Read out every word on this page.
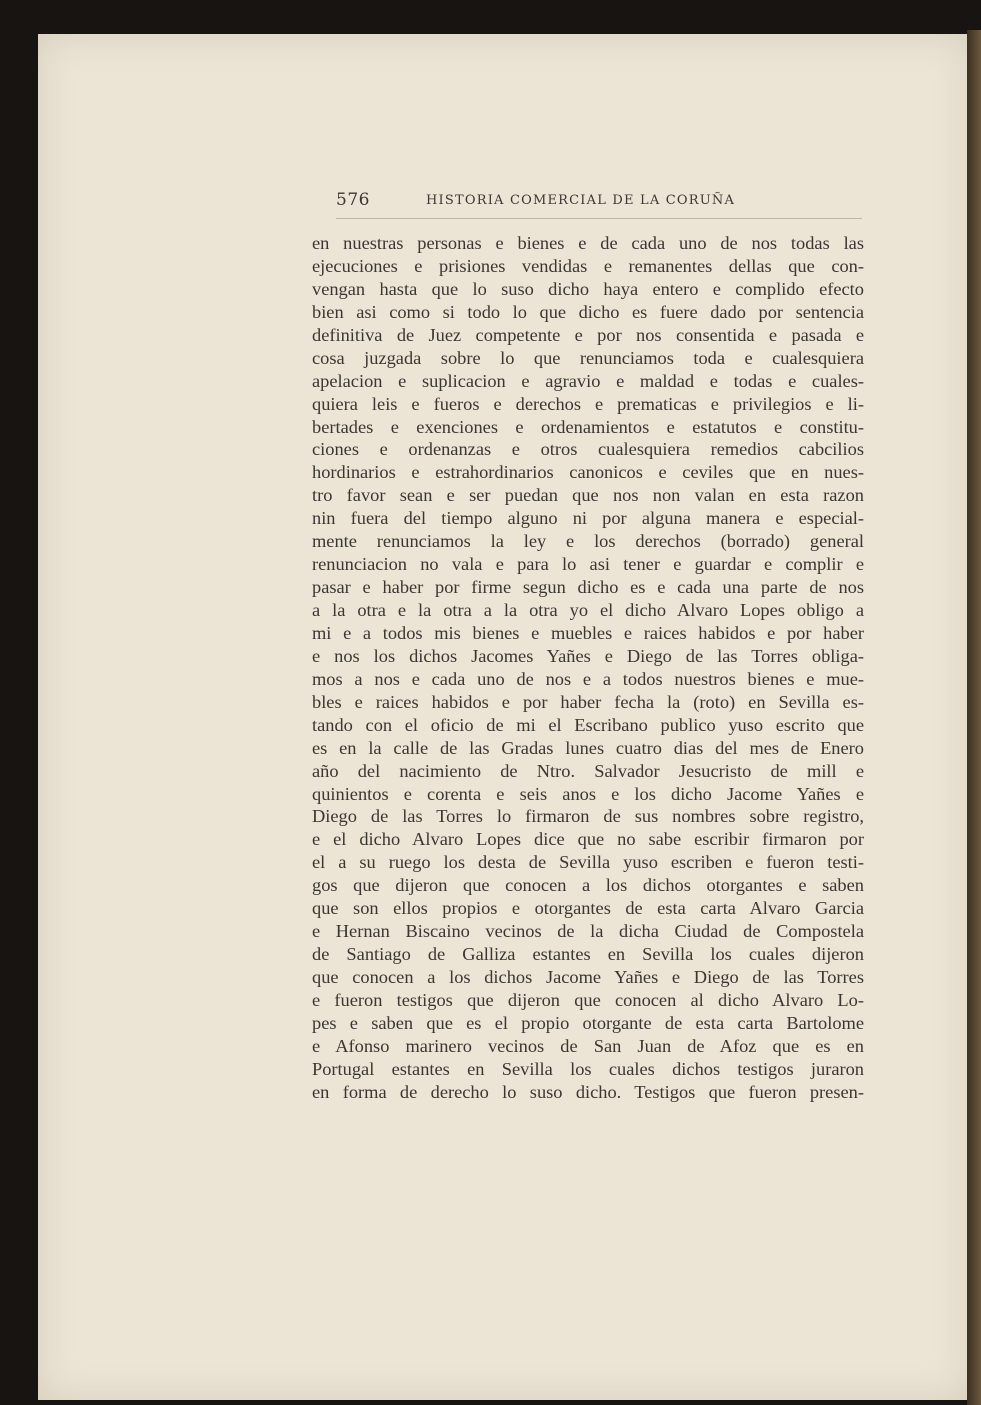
576	HISTORIA COMERCIAL DE LA CORUÑA
en nuestras personas e bienes e de cada uno de nos todas las
ejecuciones e prisiones vendidas e remanentes dellas que con-
vengan hasta que lo suso dicho haya entero e complido efecto
bien asi como si todo lo que dicho es fuere dado por sentencia
definitiva de Juez competente e por nos consentida e pasada e
cosa juzgada sobre lo que renunciamos toda e cualesquiera
apelacion e suplicacion e agravio e maldad e todas e cuales-
quiera leis e fueros e derechos e prematicas e privilegios e li-
bertades e exenciones e ordenamientos e estatutos e constitu-
ciones e ordenanzas e otros cualesquiera remedios cabcilios
hordinarios e estrahordinarios canonicos e ceviles que en nues-
tro favor sean e ser puedan que nos non valan en esta razon
nin fuera del tiempo alguno ni por alguna manera e especial-
mente renunciamos la ley e los derechos (borrado) general
renunciacion no vala e para lo asi tener e guardar e complir e
pasar e haber por firme segun dicho es e cada una parte de nos
a la otra e la otra a la otra yo el dicho Alvaro Lopes obligo a
mi e a todos mis bienes e muebles e raices habidos e por haber
e nos los dichos Jacomes Yañes e Diego de las Torres obliga-
mos a nos e cada uno de nos e a todos nuestros bienes e mue-
bles e raices habidos e por haber fecha la (roto) en Sevilla es-
tando con el oficio de mi el Escribano publico yuso escrito que
es en la calle de las Gradas lunes cuatro dias del mes de Enero
año del nacimiento de Ntro. Salvador Jesucristo de mill e
quinientos e corenta e seis anos e los dicho Jacome Yañes e
Diego de las Torres lo firmaron de sus nombres sobre registro,
e el dicho Alvaro Lopes dice que no sabe escribir firmaron por
el a su ruego los desta de Sevilla yuso escriben e fueron testi-
gos que dijeron que conocen a los dichos otorgantes e saben
que son ellos propios e otorgantes de esta carta Alvaro Garcia
e Hernan Biscaino vecinos de la dicha Ciudad de Compostela
de Santiago de Galliza estantes en Sevilla los cuales dijeron
que conocen a los dichos Jacome Yañes e Diego de las Torres
e fueron testigos que dijeron que conocen al dicho Alvaro Lo-
pes e saben que es el propio otorgante de esta carta Bartolome
e Afonso marinero vecinos de San Juan de Afoz que es en
Portugal estantes en Sevilla los cuales dichos testigos juraron
en forma de derecho lo suso dicho. Testigos que fueron presen-
